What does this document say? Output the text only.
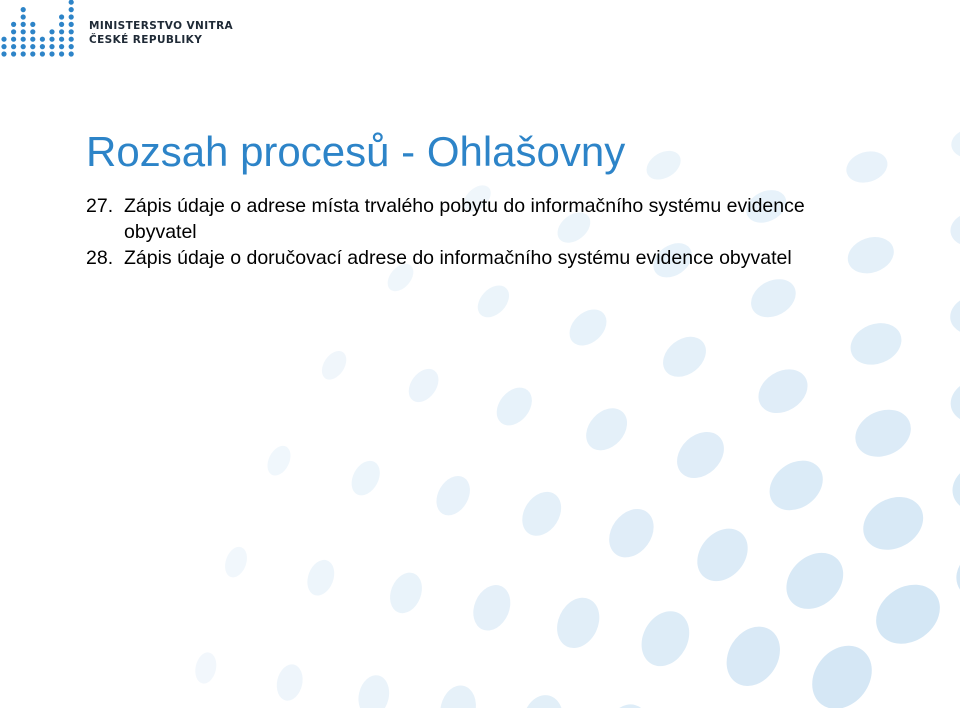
MINISTERSTVO VNITRA
ČESKÉ REPUBLIKY
Rozsah procesů - Ohlašovny
27. Zápis údaje o adrese místa trvalého pobytu do informačního systému evidence obyvatel
28. Zápis údaje o doručovací adrese do informačního systému evidence obyvatel
